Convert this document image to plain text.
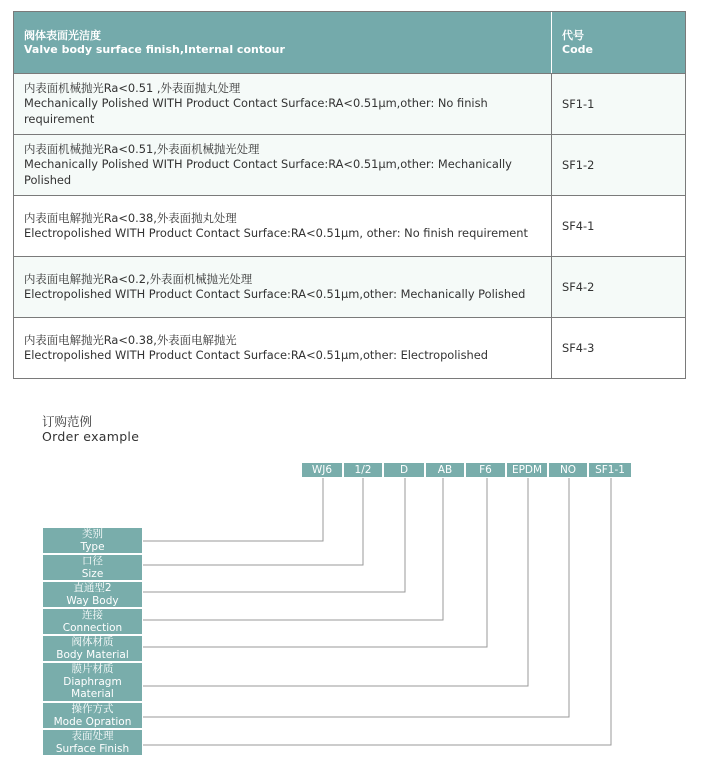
阀体表面光洁度
Valve body surface finish,Internal contour
代号
Code
内表面机械抛光Ra<0.51 ,外表面抛丸处理
Mechanically Polished WITH Product Contact Surface:RA<0.51μm,other: No finish requirement
SF1-1
内表面机械抛光Ra<0.51,外表面机械抛光处理
Mechanically Polished WITH Product Contact Surface:RA<0.51μm,other: Mechanically Polished
SF1-2
内表面电解抛光Ra<0.38,外表面抛丸处理
Electropolished WITH Product Contact Surface:RA<0.51μm, other: No finish requirement
SF4-1
内表面电解抛光Ra<0.2,外表面机械抛光处理
Electropolished WITH Product Contact Surface:RA<0.51μm,other: Mechanically Polished
SF4-2
内表面电解抛光Ra<0.38,外表面电解抛光
Electropolished WITH Product Contact Surface:RA<0.51μm,other: Electropolished
SF4-3
订购范例
Order example
WJ6	1/2	D	AB	F6	EPDM	NO	SF1-1
类别
Type
口径
Size
直通型2
Way Body
连接
Connection
阀体材质
Body Material
膜片材质
Diaphragm Material
操作方式
Mode Opration
表面处理
Surface Finish
